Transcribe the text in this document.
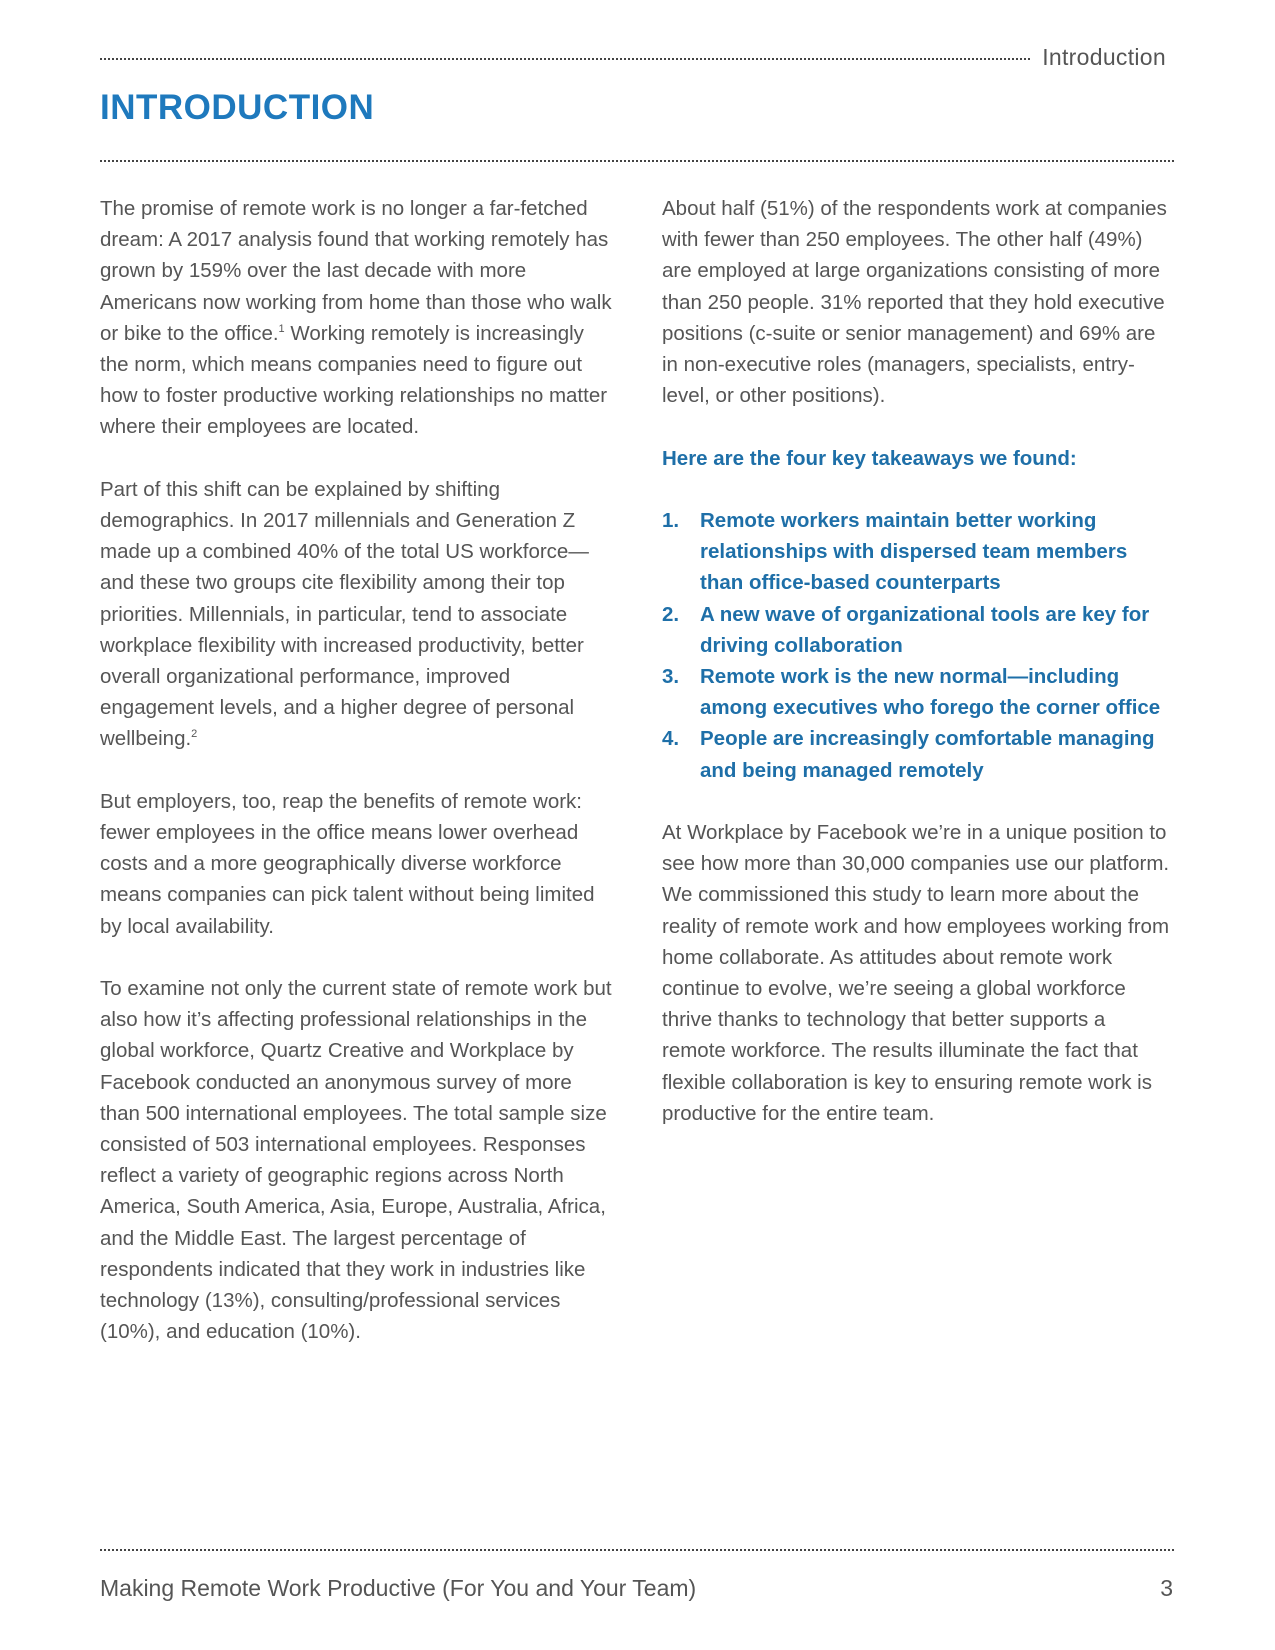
Introduction
INTRODUCTION

The promise of remote work is no longer a far-fetched dream: A 2017 analysis found that working remotely has grown by 159% over the last decade with more Americans now working from home than those who walk or bike to the office.$^1$ Working remotely is increasingly the norm, which means companies need to figure out how to foster productive working relationships no matter where their employees are located.

Part of this shift can be explained by shifting demographics. In 2017 millennials and Generation Z made up a combined 40% of the total US workforce—and these two groups cite flexibility among their top priorities. Millennials, in particular, tend to associate workplace flexibility with increased productivity, better overall organizational performance, improved engagement levels, and a higher degree of personal wellbeing.$^2$

But employers, too, reap the benefits of remote work: fewer employees in the office means lower overhead costs and a more geographically diverse workforce means companies can pick talent without being limited by local availability.

To examine not only the current state of remote work but also how it’s affecting professional relationships in the global workforce, Quartz Creative and Workplace by Facebook conducted an anonymous survey of more than 500 international employees. The total sample size consisted of 503 international employees. Responses reflect a variety of geographic regions across North America, South America, Asia, Europe, Australia, Africa, and the Middle East. The largest percentage of respondents indicated that they work in industries like technology (13%), consulting/professional services (10%), and education (10%).

About half (51%) of the respondents work at companies with fewer than 250 employees. The other half (49%) are employed at large organizations consisting of more than 250 people. 31% reported that they hold executive positions (c-suite or senior management) and 69% are in non-executive roles (managers, specialists, entry-level, or other positions).

Here are the four key takeaways we found:
1. Remote workers maintain better working relationships with dispersed team members than office-based counterparts
2. A new wave of organizational tools are key for driving collaboration
3. Remote work is the new normal—including among executives who forego the corner office
4. People are increasingly comfortable managing and being managed remotely

At Workplace by Facebook we’re in a unique position to see how more than 30,000 companies use our platform. We commissioned this study to learn more about the reality of remote work and how employees working from home collaborate. As attitudes about remote work continue to evolve, we’re seeing a global workforce thrive thanks to technology that better supports a remote workforce. The results illuminate the fact that flexible collaboration is key to ensuring remote work is productive for the entire team.

Making Remote Work Productive (For You and Your Team)	3
